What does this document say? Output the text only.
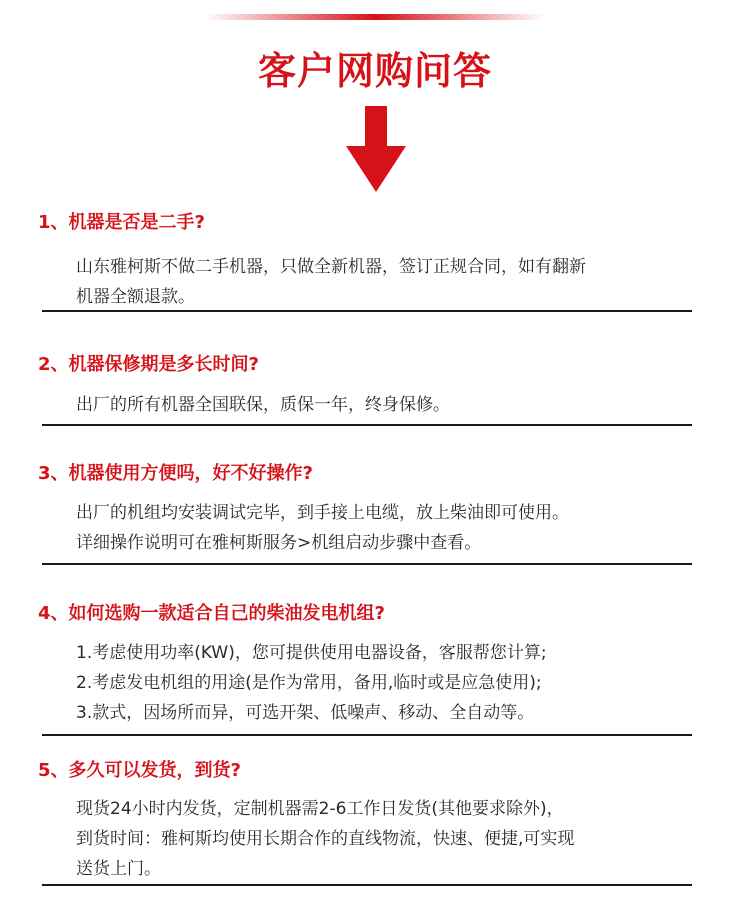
客户网购问答
1、机器是否是二手?
山东雅柯斯不做二手机器，只做全新机器，签订正规合同，如有翻新
机器全额退款。
2、机器保修期是多长时间?
出厂的所有机器全国联保，质保一年，终身保修。
3、机器使用方便吗，好不好操作?
出厂的机组均安装调试完毕，到手接上电缆，放上柴油即可使用。
详细操作说明可在雅柯斯服务>机组启动步骤中查看。
4、如何选购一款适合自己的柴油发电机组?
1.考虑使用功率(KW)，您可提供使用电器设备，客服帮您计算;
2.考虑发电机组的用途(是作为常用，备用,临时或是应急使用);
3.款式，因场所而异，可选开架、低噪声、移动、全自动等。
5、多久可以发货，到货?
现货24小时内发货，定制机器需2-6工作日发货(其他要求除外)，
到货时间：雅柯斯均使用长期合作的直线物流，快速、便捷,可实现
送货上门。
